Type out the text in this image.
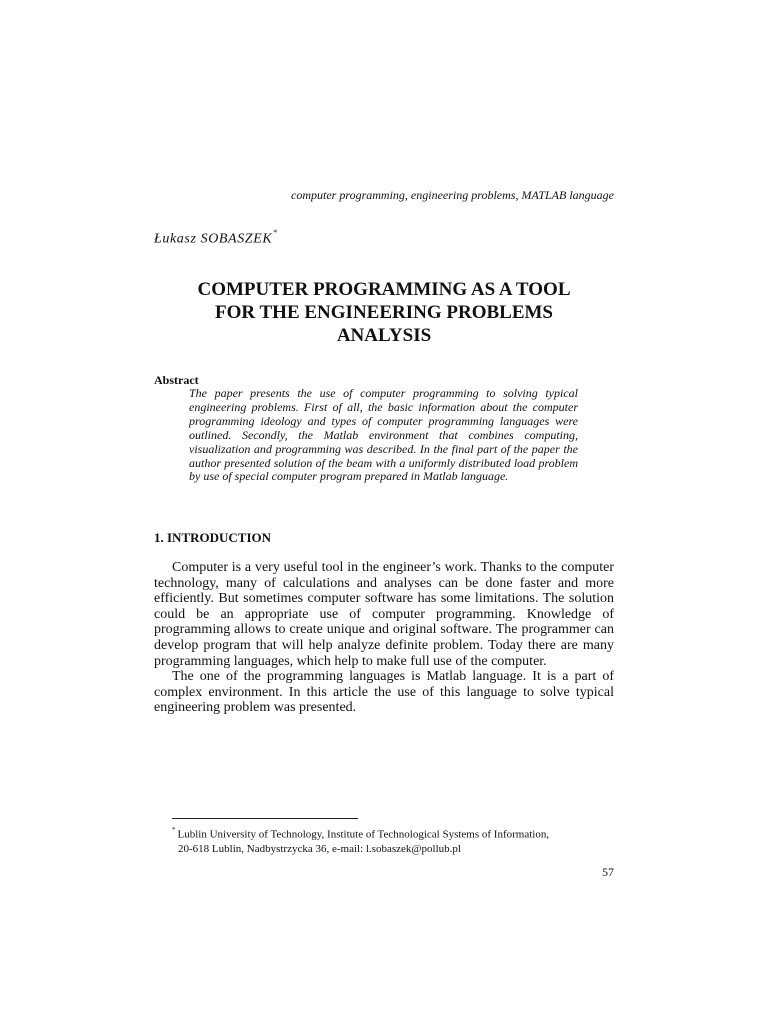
computer programming, engineering problems, MATLAB language
Łukasz SOBASZEK*
COMPUTER PROGRAMMING AS A TOOL
FOR THE ENGINEERING PROBLEMS
ANALYSIS
Abstract
The paper presents the use of computer programming to solving typical engineering problems. First of all, the basic information about the computer programming ideology and types of computer programming languages were outlined. Secondly, the Matlab environment that combines computing, visualization and programming was described. In the final part of the paper the author presented solution of the beam with a uniformly distributed load problem by use of special computer program prepared in Matlab language.
1. INTRODUCTION

Computer is a very useful tool in the engineer’s work. Thanks to the computer technology, many of calculations and analyses can be done faster and more efficiently. But sometimes computer software has some limitations. The solution could be an appropriate use of computer programming. Knowledge of programming allows to create unique and original software. The programmer can develop program that will help analyze definite problem. Today there are many programming languages, which help to make full use of the computer.

The one of the programming languages is Matlab language. It is a part of complex environment. In this article the use of this language to solve typical engineering problem was presented.

* Lublin University of Technology, Institute of Technological Systems of Information,
20-618 Lublin, Nadbystrzycka 36, e-mail: l.sobaszek@pollub.pl
57
